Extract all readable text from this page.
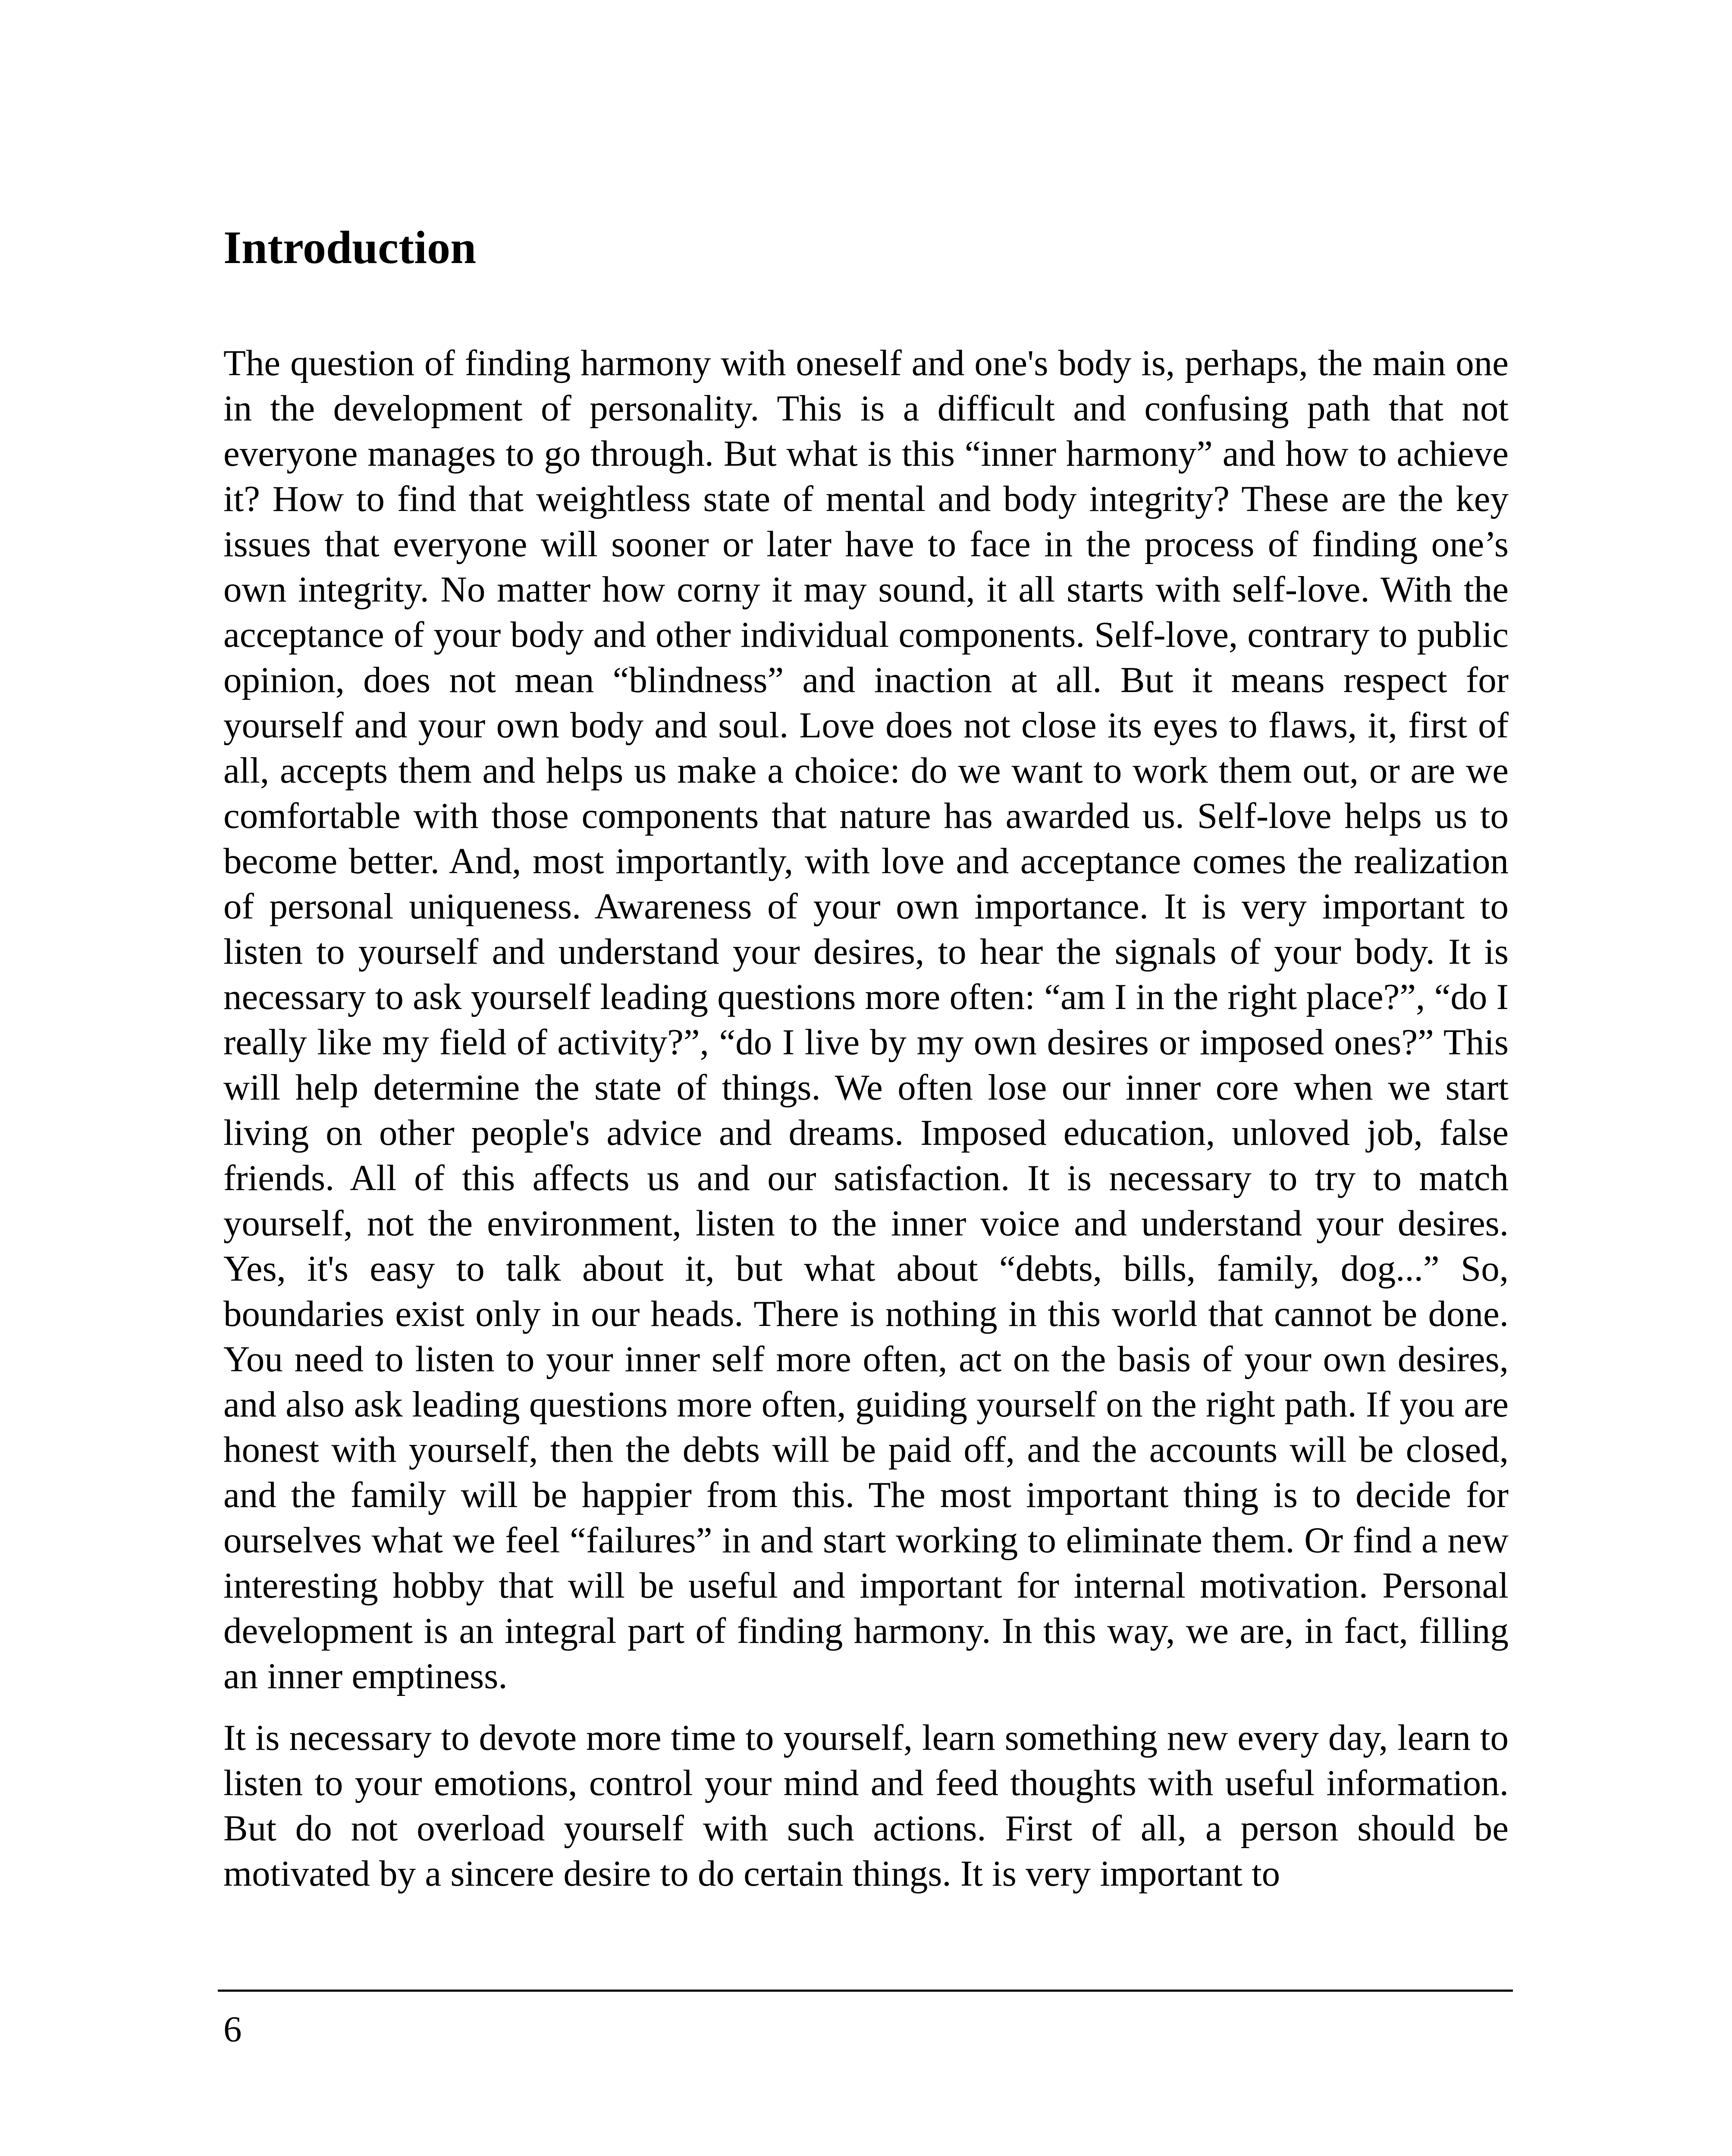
Introduction

The question of finding harmony with oneself and one's body is, perhaps, the main one in the development of personality. This is a difficult and confusing path that not everyone manages to go through. But what is this “inner harmony” and how to achieve it? How to find that weightless state of mental and body integrity? These are the key issues that everyone will sooner or later have to face in the process of finding one’s own integrity. No matter how corny it may sound, it all starts with self-love. With the acceptance of your body and other individual components. Self-love, contrary to public opinion, does not mean “blindness” and inaction at all. But it means respect for yourself and your own body and soul. Love does not close its eyes to flaws, it, first of all, accepts them and helps us make a choice: do we want to work them out, or are we comfortable with those components that nature has awarded us. Self-love helps us to become better. And, most importantly, with love and acceptance comes the realization of personal uniqueness. Awareness of your own importance. It is very important to listen to yourself and understand your desires, to hear the signals of your body. It is necessary to ask yourself leading questions more often: “am I in the right place?”, “do I really like my field of activity?”, “do I live by my own desires or imposed ones?” This will help determine the state of things. We often lose our inner core when we start living on other people's advice and dreams. Imposed education, unloved job, false friends. All of this affects us and our satisfaction. It is necessary to try to match yourself, not the environment, listen to the inner voice and understand your desires. Yes, it's easy to talk about it, but what about “debts, bills, family, dog...” So, boundaries exist only in our heads. There is nothing in this world that cannot be done. You need to listen to your inner self more often, act on the basis of your own desires, and also ask leading questions more often, guiding yourself on the right path. If you are honest with yourself, then the debts will be paid off, and the accounts will be closed, and the family will be happier from this. The most important thing is to decide for ourselves what we feel “failures” in and start working to eliminate them. Or find a new interesting hobby that will be useful and important for internal motivation. Personal development is an integral part of finding harmony. In this way, we are, in fact, filling an inner emptiness.

It is necessary to devote more time to yourself, learn something new every day, learn to listen to your emotions, control your mind and feed thoughts with useful information. But do not overload yourself with such actions. First of all, a person should be motivated by a sincere desire to do certain things. It is very important to

6
